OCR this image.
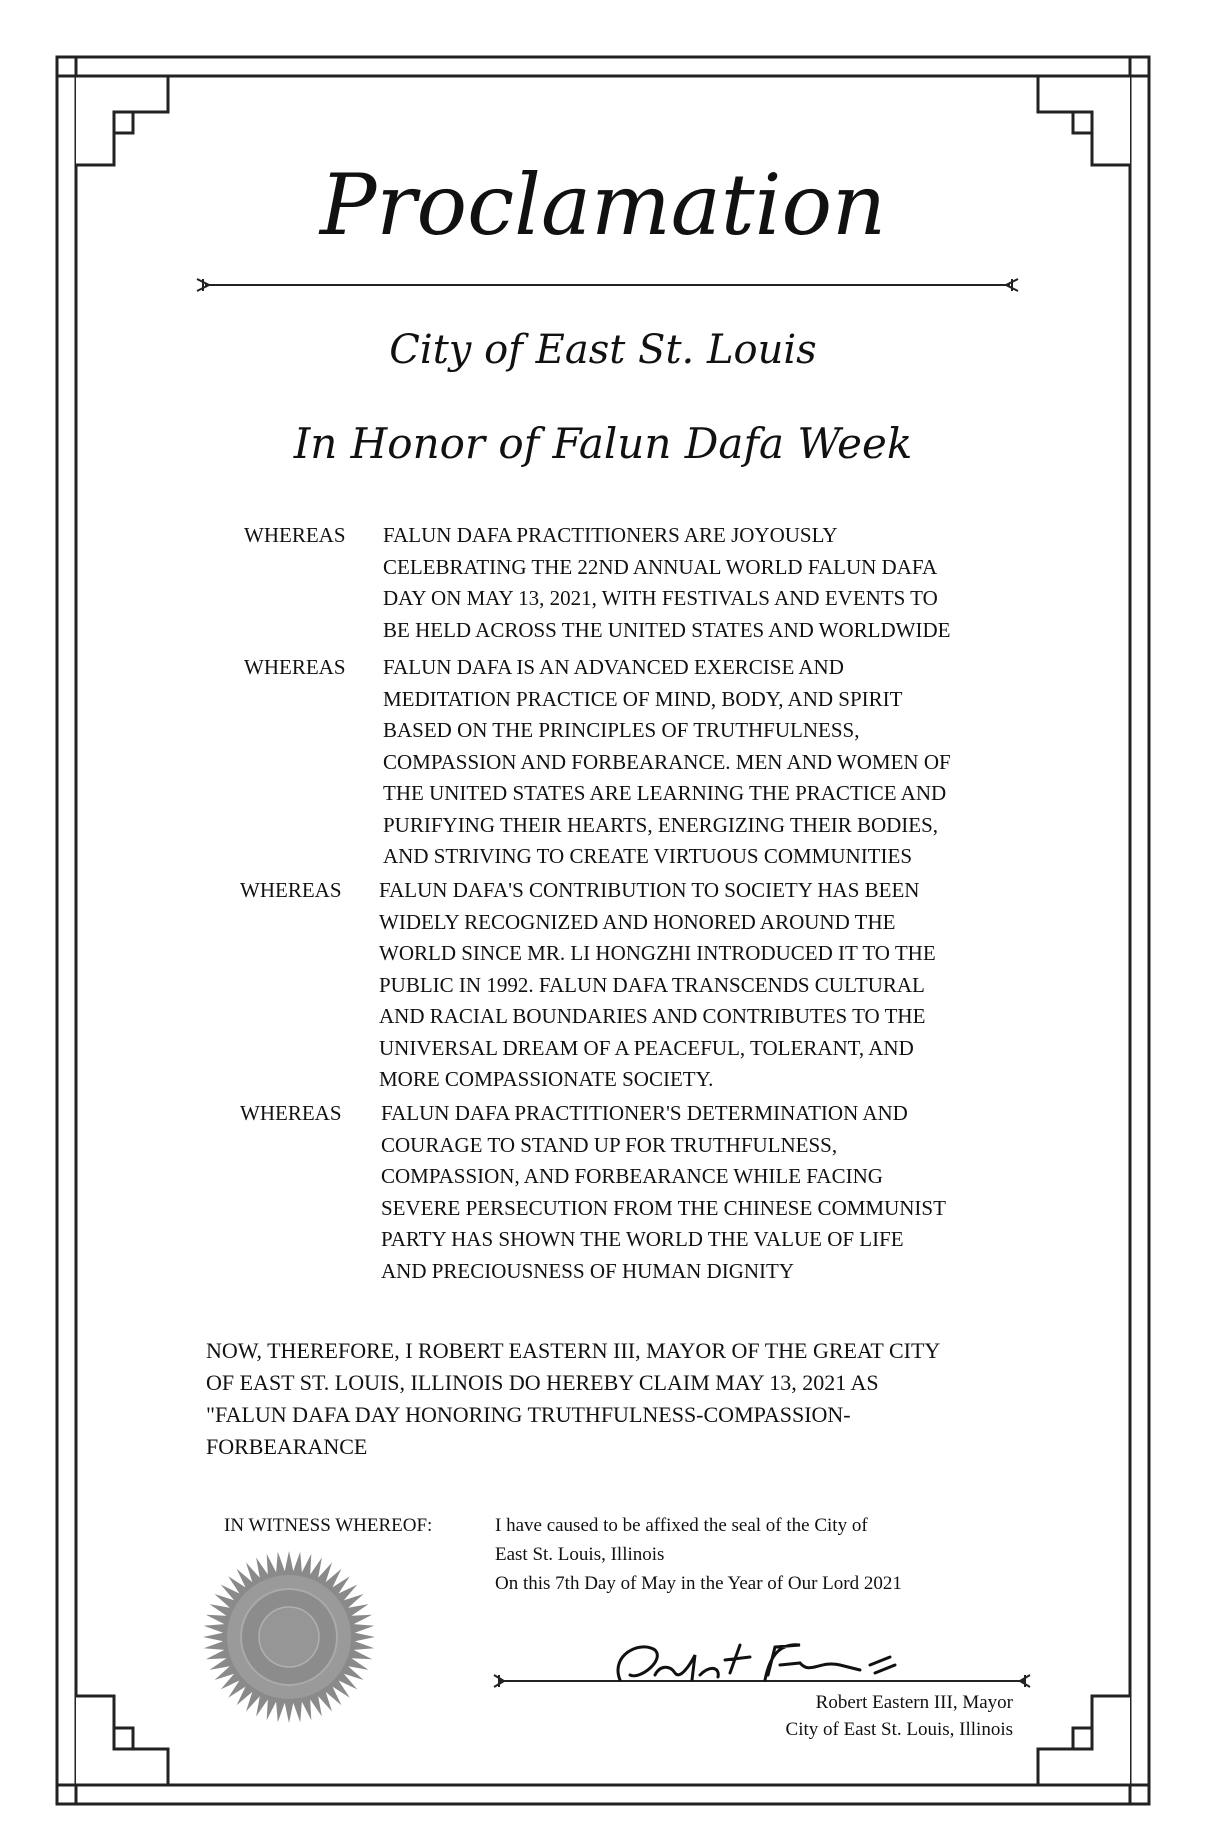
Proclamation
City of East St. Louis
In Honor of Falun Dafa Week
WHEREAS FALUN DAFA PRACTITIONERS ARE JOYOUSLY
CELEBRATING THE 22ND ANNUAL WORLD FALUN DAFA
DAY ON MAY 13, 2021, WITH FESTIVALS AND EVENTS TO
BE HELD ACROSS THE UNITED STATES AND WORLDWIDE
WHEREAS FALUN DAFA IS AN ADVANCED EXERCISE AND
MEDITATION PRACTICE OF MIND, BODY, AND SPIRIT
BASED ON THE PRINCIPLES OF TRUTHFULNESS,
COMPASSION AND FORBEARANCE. MEN AND WOMEN OF
THE UNITED STATES ARE LEARNING THE PRACTICE AND
PURIFYING THEIR HEARTS, ENERGIZING THEIR BODIES,
AND STRIVING TO CREATE VIRTUOUS COMMUNITIES
WHEREAS FALUN DAFA'S CONTRIBUTION TO SOCIETY HAS BEEN
WIDELY RECOGNIZED AND HONORED AROUND THE
WORLD SINCE MR. LI HONGZHI INTRODUCED IT TO THE
PUBLIC IN 1992. FALUN DAFA TRANSCENDS CULTURAL
AND RACIAL BOUNDARIES AND CONTRIBUTES TO THE
UNIVERSAL DREAM OF A PEACEFUL, TOLERANT, AND
MORE COMPASSIONATE SOCIETY.
WHEREAS FALUN DAFA PRACTITIONER'S DETERMINATION AND
COURAGE TO STAND UP FOR TRUTHFULNESS,
COMPASSION, AND FORBEARANCE WHILE FACING
SEVERE PERSECUTION FROM THE CHINESE COMMUNIST
PARTY HAS SHOWN THE WORLD THE VALUE OF LIFE
AND PRECIOUSNESS OF HUMAN DIGNITY
NOW, THEREFORE, I ROBERT EASTERN III, MAYOR OF THE GREAT CITY
OF EAST ST. LOUIS, ILLINOIS DO HEREBY CLAIM MAY 13, 2021 AS
"FALUN DAFA DAY HONORING TRUTHFULNESS-COMPASSION-
FORBEARANCE
IN WITNESS WHEREOF:	I have caused to be affixed the seal of the City of
East St. Louis, Illinois
On this 7th Day of May in the Year of Our Lord 2021
Robert Eastern III, Mayor
City of East St. Louis, Illinois
